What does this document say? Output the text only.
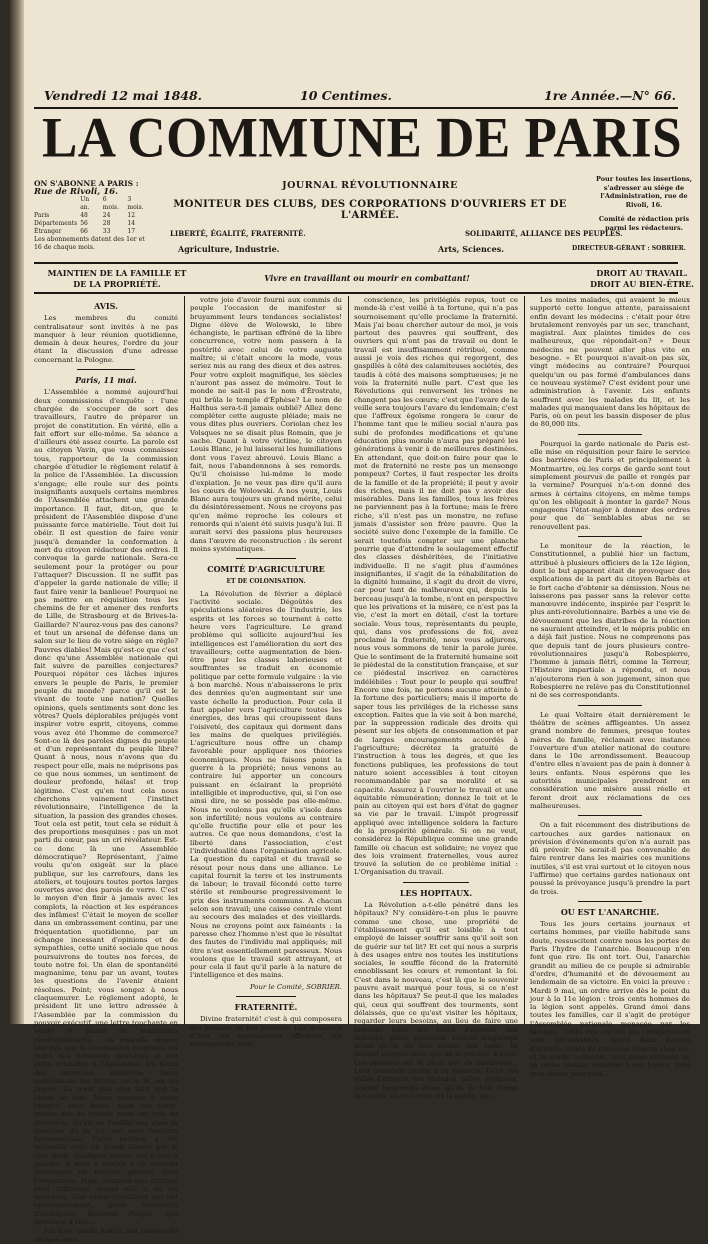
Vendredi 12 mai 1848.	10 Centimes.	1re Année.—N° 66.
LA COMMUNE DE PARIS
ON S'ABONNE A PARIS :
Rue de Rivoli, 16.
	Un an.	6 mois.	3 mois.
Paris	48	24	12
Départements	56	28	14
Étranger	66	33	17
Les abonnements datent des 1er et 16 de chaque mois.
JOURNAL RÉVOLUTIONNAIRE
MONITEUR DES CLUBS, DES CORPORATIONS D'OUVRIERS ET DE L'ARMÉE.
Pour toutes les insertions, s'adresser au siége de l'Administration, rue de Rivoli, 16.
Comité de rédaction pris parmi les rédacteurs.
LIBERTÉ, ÉGALITÉ, FRATERNITÉ.	SOLIDARITÉ, ALLIANCE DES PEUPLES.
Agriculture, Industrie.	Arts, Sciences.	DIRECTEUR-GÉRANT : SOBRIER.
MAINTIEN DE LA FAMILLE ET DE LA PROPRIÉTÉ.
Vivre en travaillant ou mourir en combattant!	DROIT AU TRAVAIL. DROIT AU BIEN-ÊTRE.
AVIS.

Les membres du comité centralisateur sont invités à ne pas manquer à leur réunion quotidienne, demain à deux heures, l'ordre du jour étant la discussion d'une adresse concernant la Pologne.

Paris, 11 mai.

L'Assemblée a nommé aujourd'hui deux commissions d'enquête : l'une chargée de s'occuper de sort des travailleurs, l'autre de préparer un projet de constitution. En vérité, elle a fait effort sur elle-même. Sa séance a d'ailleurs été assez courte. La parole est au citoyen Vavin, que vous connaissez tous, rapporteur de la commission chargée d'étudier le règlement relatif à la police de l'Assemblée. La discussion s'engage; elle roule sur des points insignifiants auxquels certains membres de l'Assemblée attachent une grande importance. Il faut, dit-on, que le président de l'Assemblée dispose d'une puissante force matérielle. Tout doit lui obéir. Il est question de faire venir jusqu'à demander la conformation à mort du citoyen rédacteur des ordres. Il convoque la garde nationale. Sera-ce seulement pour la protéger ou pour l'attaquer? Discussion. Il ne suffit pas d'appeler la garde nationale de ville; il faut faire venir la banlieue! Pourquoi ne pas mettre en réquisition tous les chemins de fer et amener des renforts de Lille, de Strasbourg et de Brives-la-Gaillarde? N'aurez-vous pas des canons? et tout un arsenal de défense dans un salon sur le lieu de votre siége en règle? Pauvres diables! Mais qu'est-ce que c'est donc qu'une Assemblée nationale qui fait suivre de pareilles conjectures? Pourquoi répéter ces lâches injures envers le peuple de Paris, le premier peuple du monde? parce qu'il est le vivant de toute une nation? Quelles opinions, quels sentiments sont donc les vôtres? Quels déplorables préjugés vont inspirer votre esprit, citoyens, comme vous avez été l'homme de commerce? Sont-ce là des paroles dignes du peuple et d'un représentant du peuple libre? Quant à nous, nous n'avons que du respect pour elle, mais ne méprisons pas ce que nous sommes, un sentiment de douleur profonde, hélas! et trop légitime. C'est qu'en tout cela nous cherchons vainement l'instinct révolutionnaire, l'intelligence de la situation, la passion des grandes choses. Tout cela est petit, tout cela se réduit à des proportions mesquines : pas un mot parti du cœur, pas un cri révélateur. Est-ce donc là une Assemblée démocratique? Représentant, j'aime voulu qu'on exigeât sur la place publique, sur les carrefours, dans les ateliers, et toujours toutes portes larges ouvertes avec des parois de verre. C'est le moyen d'en finir à jamais avec les complots, la réaction et les espérances des infâmes! C'était le moyen de sceller dans un embrassement continu, par une fréquentation quotidienne, par un échange incessant d'opinions et de sympathies, cette unité sociale que nous poursuivrons de toutes nos forces, de toute notre foi. Un élan de spontanéité magnanime, tenu par un avant, toutes les questions de l'avenir étaient résolues. Point; vous songez à nous claquemurer. Le règlement adopté, le président lit une lettre adressée à l'Assemblée par la commission du pouvoir exécutif, une lettre touchante en vérité et pleine de sentiments révolutionnaires : on rappelle encore une fois que la commission nommera les noms des nouveaux ministres et fait enfin connaître à l'Assemblée les noms des nouveaux ministres. Nous connaissons les autres, on le lit, on les jugera. Ce n'est que plus tard que la chose se fera. Nous sommes à cette époque, sans doute, mais ces vingt-quatre ans de pensée nous ont pris au dépourvu; qu'on ne l'oublie pas dans la question de la loi, qui sera toujours fondamentale. Cette pétition a été accueillie avec un grand silence par le côté droit. Quelques bravos ont éclaté à gauche. Il nous a semblé à ce moment remarquer un malaise général dans l'Assemblée. Hier, combien son attitude était différente quand elle a vu les ministres. Ces rudes travaillers qui ont épanouissement, quels transports frénétiques! Heureux Peuple, que personne a rien...

J'ai donc rendu justice aux paroles du citoyen dans...

votre joie d'avoir fourni aux commis du peuple l'occasion de manifester si bruyamment leurs tendances socialistes! Digne élève de Wolowski, le libre échangiste, le partisan effréné de la libre concurrence, votre nom passera à la postérité avec celui de votre auguste maître; si c'était encore la mode, vous seriez mis au rang des dieux et des astres. Pour votre exploit magnifique, les siècles n'auront pas assez de mémoire. Tout le monde ne sait-il pas le nom d'Érostrate, qui brûla le temple d'Éphèse? Le nom de Halthus sera-t-il jamais oublié? Allez donc compléter cette auguste pléiade; mais ne vous dites plus ouvriers. Coriolan chez les Volsques ne se disait plus Romain, que je sache. Quant à votre victime, le citoyen Louis Blanc, je lui laisserai les humiliations dont vous l'avez abreuvé. Louis Blanc a fait, nous l'abandonnons à ses remords. Qu'il choisisse lui-même le mode d'expiation. Je ne veux pas dire qu'il aura les cœurs de Wolowski. A nos yeux, Louis Blanc aura toujours un grand mérite, celui du désintéressement. Nous ne croyons pas qu'en même reproche les coleurs et remords qui n'aient été suivis jusqu'à lui. Il aurait servi des passions plus heureuses dans l'œuvre de reconstruction : ils seront moins systématiques.

COMITÉ D'AGRICULTURE
ET DE COLONISATION.

La Révolution de février a déplacé l'activité sociale. Dégoûtés des spéculations aléatoires de l'industrie, les esprits et les forces se tournent à cette heure vers l'agriculture. Le grand problème qui sollicite aujourd'hui les intelligences est l'amélioration du sort des travailleurs; cette augmentation de bien-être pour les classes laborieuses et souffrantes se traduit en économie politique par cette formule vulgaire : la vie à bon marché. Nous n'abaisserons le prix des denrées qu'en augmentant sur une vaste échelle la production. Pour cela il faut appeler vers l'agriculture toutes les énergies, des bras qui croupissent dans l'oisiveté, des capitaux qui dorment dans les mains de quelques privilégiés. L'agriculture nous offre un champ favorable pour appliquer nos théories économiques. Nous ne faisons point la guerre à la propriété; nous venons au contraire lui apporter un concours puissant en éclairant la propriété intelligible et improductive, qui, si l'on ose ainsi dire, ne se possède pas elle-même. Nous ne voulons pas qu'elle s'isole dans son infertilité; nous voulons au contraire qu'elle fructifie pour elle et pour les autres. Ce que nous demandons, c'est la liberté dans l'association, c'est l'individualité dans l'organisation agricole. La question du capital et du travail se résout pour nous dans une alliance. Le capital fournit la terre et les instruments de labour; le travail fécondé cette terre stérile et rembourse progressivement le prix des instruments communs. A chacun selon son travail; une caisse centrale vient au secours des malades et des vieillards. Nous ne croyons point aux fainéants : la paresse chez l'homme n'est que le résultat des fautes de l'individu mal appliqués; mil être n'est essentiellement paresseux. Nous voulons que le travail soit attrayant, et pour cela il faut qu'il parle à la nature de l'intelligence et des mains.

Pour le Comité, SOBRIER.
FRATERNITÉ.

Divine fraternité! c'est à qui composera des hymnes en ton honneur. Les dynasties d'hier, les spéculateurs effrontés, les monopoleurs sans

conscience, les privilégiés repus, tout ce monde-là c'est veillé à ta fortune, qui n'a pas sournoisement qu'elle proclame la fraternité. Mais j'ai beau chercher autour de moi, je vois partout des pauvres qui souffrent, des ouvriers qui n'ont pas de travail ou dont le travail est insuffisamment rétribué, comme aussi je vois des riches qui regorgent, des gaspillés à côté des calamiteuses sociétés, des taudis à côté des maisons somptueuses; je ne vois la fraternité nulle part. C'est que les Révolutions qui renversent les trônes ne changent pas les cœurs; c'est que l'avare de la veille sera toujours l'avare du lendemain; c'est que l'affreux égoïsme rongera le cœur de l'homme tant que le milieu social n'aura pas subi de profondes modifications et qu'une éducation plus morale n'aura pas préparé les générations à venir à de meilleures destinées. En attendant, que doit-on faire pour que le mot de fraternité ne reste pas un mensonge pompeux? Certes, il faut respecter les droits de la famille et de la propriété; il peut y avoir des riches, mais il ne doit pas y avoir des misérables. Dans les familles, tous les frères ne parviennent pas à la fortune; mais le frère riche, s'il n'est pas un monstre, ne refuse jamais d'assister son frère pauvre. Que la société suive donc l'exemple de la famille. Ce serait toutefois compter sur une planche pourrie que d'attendre le soulagement effectif des classes déshéritées, de l'initiative individuelle. Il ne s'agit plus d'aumônes insignifiantes, il s'agit de la réhabilitation de la dignité humaine, il s'agit du droit de vivre, car pour tant de malheureux qui, depuis le berceau jusqu'à la tombe, n'ont en perspective que les privations et la misère, ce n'est pas la vie, c'est la mort en détail, c'est la torture sociale. Vous tous, représentants du peuple, qui, dans vos professions de foi, avez proclamé la fraternité, nous vous adjurons, nous vous sommons de tenir la parole jurée. Que le sentiment de la fraternité humaine soit le piédestal de la constitution française, et sur ce piédestal inscrivez en caractères indélébiles : Tout pour le peuple qui souffre! Encore une fois, ne portons aucune atteinte à la fortune des particuliers; mais il importe de saper tous les priviléges de la richesse sans exception. Faites que la vie soit à bon marché, par la suppression radicale des droits qui pèsent sur les objets de consommation et par de larges encouragements accordés à l'agriculture; décrétez la gratuité de l'instruction à tous les degrés, et que les fonctions publiques, les professions de tout nature soient accessibles à tout citoyen recommandable par sa moralité et sa capacité. Assurez à l'ouvrier le travail et une équitable rémunération; donnez le toit et le pain au citoyen qui est hors d'état de gagner sa vie par le travail. L'impôt progressif appliqué avec intelligence soldera la facture de la prospérité générale. Si on ne veut, considérez la République comme une grande famille où chacun est solidaire; ne voyez que des lois vraiment fraternelles, vous aurez trouvé la solution de ce problème initial : L'Organisation du travail.

LES HOPITAUX.

La Révolution a-t-elle pénétré dans les hôpitaux? N'y considère-t-on plus le pauvre comme une chose, une propriété de l'établissement qu'il est loisible à tout employé de laisser souffrir sans qu'il soit son de guérir sur tel lit? Et cet qui nous a surpris à des usages entre nos toutes les institutions sociales, le souffle fécond de la fraternité ennoblissant les cœurs et remontant la foi. C'est dans le nouveau, c'est là que le souvenir pauvre avait marqué pour tous, si ce n'est dans les hôpitaux? Se peut-il que les malades qui, ceux qui souffrent des tourments, sont délaissés, que ce qu'est visiter les hôpitaux, regarder leurs besoins, au lieu de faire une histoire. Dans les salles d'attente, des malades, pâles, exténués, restent longtemps avant qu'on ne leur donne des soins; ils restent souvent sans que de la priorité d'avoir. Les malades ont le droit que de nombreux... Leur demande inutile d'un médecin. Dans ces salles d'attente, des malades, pâles, exténués, restent longtemps avant qu'on ne leur donne des soins; ils reçoivent de la garde, ne...

Les moins malades, qui avaient le mieux supporté cette longue attente, paraissaient enfin devant les médecins : c'était pour être brutalement renvoyés par un sec, tranchant, magistral. Aux plaintes timides de ces malheureux, que répondait-on? « Deux médecins ne peuvent aller plus vite en besogne. » Et pourquoi n'avait-on pas six, vingt médecins au contraire? Pourquoi quelqu'un ou pas formé d'ambulances dans ce nouveau système? C'est évident pour une administration à l'avenir. Les enfants souffrent avec les malades du lit, et les malades qui manquaient dans les hôpitaux de Paris, où on peut les bassin disposer de plus de 80,000 lits.

Pourquoi la garde nationale de Paris est-elle mise en réquisition pour faire le service des barrières de Paris et principalement à Montmartre, où les corps de garde sont tout simplement pourvus de paille et rongés par la vermine? Pourquoi n'a-t-on donné des armes à certains citoyens, en même temps qu'on les obligeait à monter la garde? Nous engageons l'état-major à donner des ordres pour que de semblables abus ne se renouvellent pas.

Le moniteur de la réaction, le Constitutionnel, a publié hier un factum, attribué à plusieurs officiers de la 12e légion, dont le but apparent était de provoquer des explications de la part du citoyen Barbès et le fort cache d'obtenir sa démission. Nous ne laisserons pas passer sans la relever cette manœuvre indécente, inspirée par l'esprit le plus anti-révolutionnaire. Barbès a une vie de dévouement que les diatribes de la réaction ne sauraient atteindre, et le mépris public en a déjà fait justice. Nous ne comprenons pas que depuis tant de jours plusieurs contre-révolutionnaires jusqu'à Robespierre, l'homme à jamais flétri, comme la Terreur, l'Histoire impartiale a répondu, et nous n'ajouterons rien à son jugement, sinon que Robespierre ne relève pas du Constitutionnel ni de ses correspondants.

Le quai Voltaire était dernièrement le théâtre de scènes affligeantes. Un assez grand nombre de femmes, presque toutes mères de famille, réclamait avec instance l'ouverture d'un atelier national de couture dans le 10e arrondissement. Beaucoup d'entre elles n'avaient pas de pain à donner à leurs enfants. Nous espérons que les autorités municipales prendront en considération une misère aussi réelle et feront droit aux réclamations de ces malheureuses.

On a fait récemment des distributions de cartouches aux gardes nationaux en prévision d'événements qu'on n'a aurait pas dû prévoir. Ne serait-il pas convenable de faire rentrer dans les mairies ces munitions inutiles, s'il est vrai surtout et le citoyen nous l'affirme) que certains gardes nationaux ont poussé la prévoyance jusqu'à prendre la part de trois.

OU EST L'ANARCHIE.

Tous les jours certains journaux et certains hommes, par vieille habitude sans doute, ressuscitent contre nous les portes de Paris l'hydre de l'anarchie. Beaucoup n'en font que rire. Ils ont tort. Oui, l'anarchie grandit au milieu de ce peuple si admirable d'ordre, d'humanité et de dévouement au lendemain de sa victoire. En voici la preuve : Mardi 9 mai, un ordre arrive dès le point du jour à la 11e légion : trois cents hommes de la légion sont appelés. Grand émoi dans toutes les familles, car il s'agit de protéger l'Assemblée nationale menacée par les factions. Cette fois encore les conspirateurs sont introuvables. Après deux heures d'attente, ordre de renvoyer chacun chez soi, et la garde nationale, tout aussi étonnée de sa peine inutile, retourne à ses foyers, sans trop savoir pourquoi...
